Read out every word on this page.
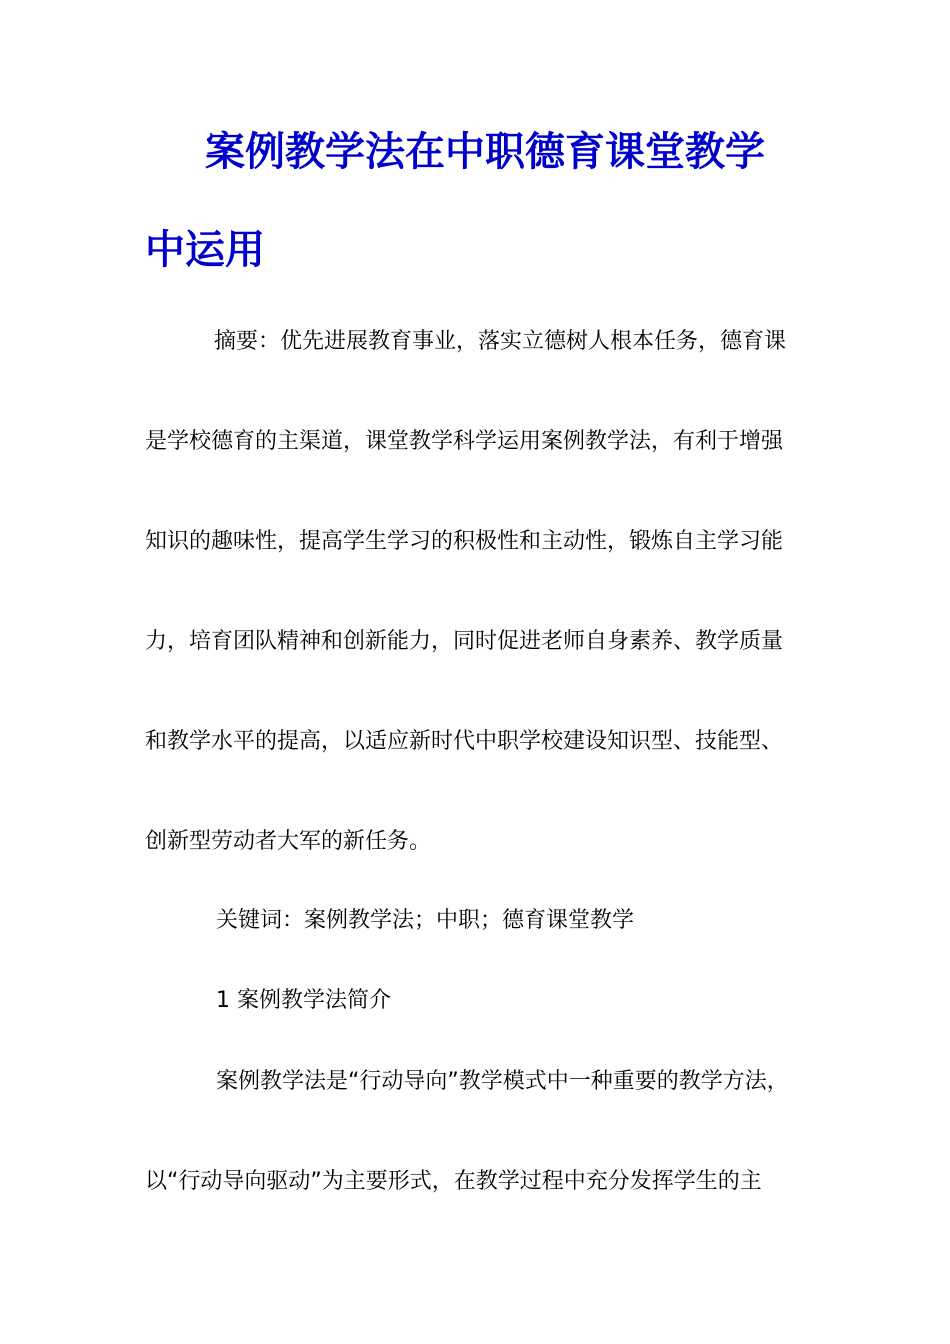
案例教学法在中职德育课堂教学
中运用

摘要：优先进展教育事业，落实立德树人根本任务，德育课

是学校德育的主渠道，课堂教学科学运用案例教学法，有利于增强

知识的趣味性，提高学生学习的积极性和主动性，锻炼自主学习能

力，培育团队精神和创新能力，同时促进老师自身素养、教学质量

和教学水平的提高，以适应新时代中职学校建设知识型、技能型、

创新型劳动者大军的新任务。

关键词：案例教学法；中职；德育课堂教学

1 案例教学法简介

案例教学法是“行动导向”教学模式中一种重要的教学方法，

以“行动导向驱动”为主要形式，在教学过程中充分发挥学生的主
